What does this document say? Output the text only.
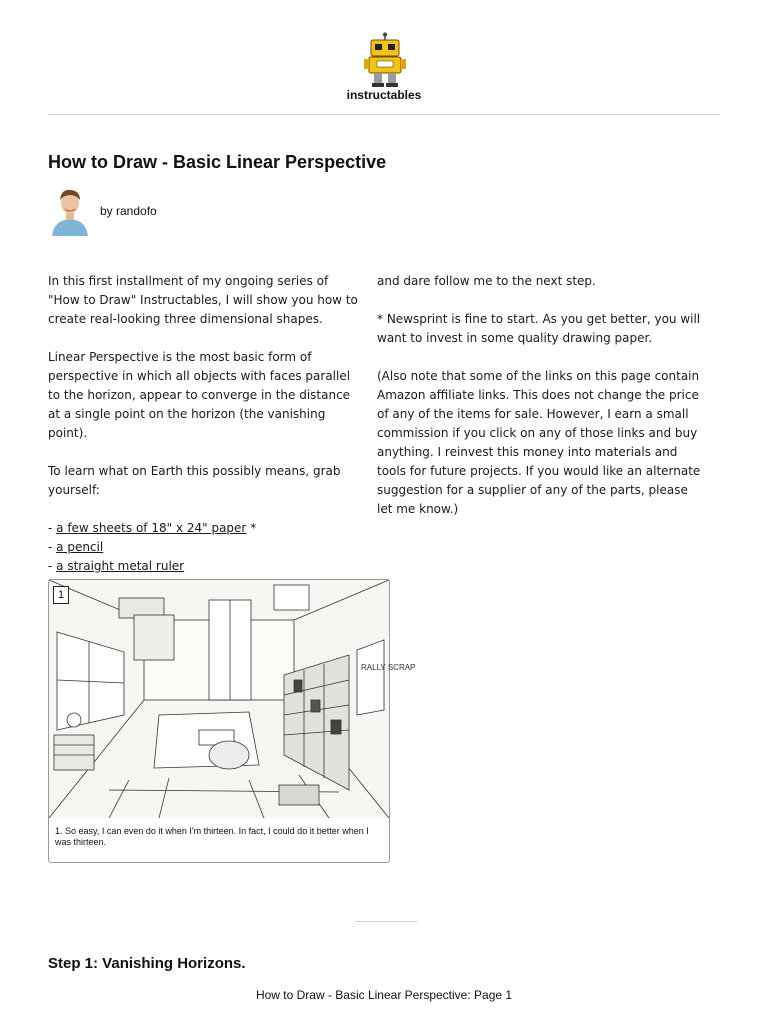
instructables
How to Draw - Basic Linear Perspective
by randofo

In this first installment of my ongoing series of "How to Draw" Instructables, I will show you how to create real-looking three dimensional shapes.

Linear Perspective is the most basic form of perspective in which all objects with faces parallel to the horizon, appear to converge in the distance at a single point on the horizon (the vanishing point).

To learn what on Earth this possibly means, grab yourself:

- a few sheets of 18" x 24" paper *
- a pencil
- a straight metal ruler

and dare follow me to the next step.

* Newsprint is fine to start. As you get better, you will want to invest in some quality drawing paper.

(Also note that some of the links on this page contain Amazon affiliate links. This does not change the price of any of the items for sale. However, I earn a small commission if you click on any of those links and buy anything. I reinvest this money into materials and tools for future projects. If you would like an alternate suggestion for a supplier of any of the parts, please let me know.)

RALLY SCRAP
1
1. So easy, I can even do it when I'm thirteen. In fact, I could do it better when I was thirteen.
Step 1: Vanishing Horizons.
How to Draw - Basic Linear Perspective: Page 1
